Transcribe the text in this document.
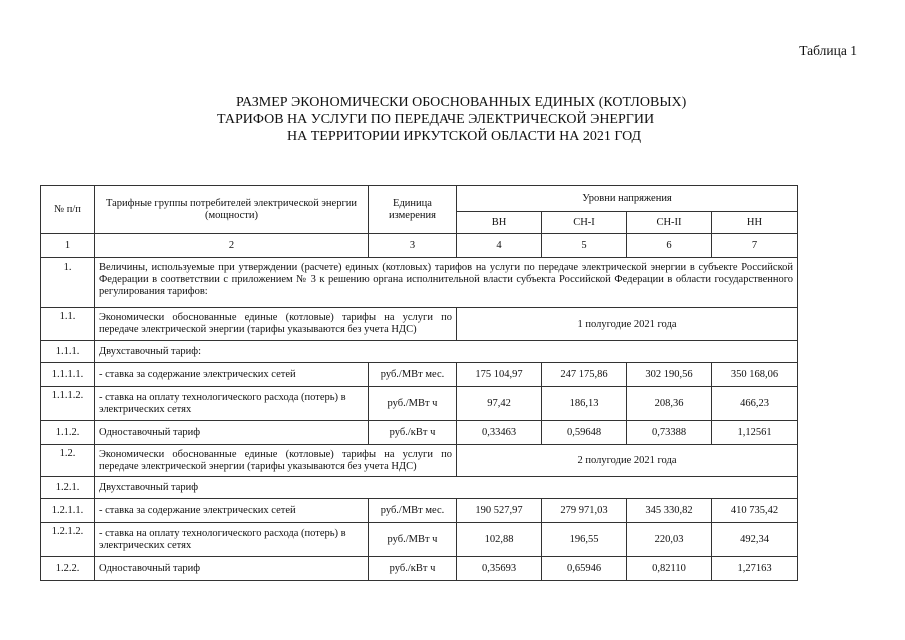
Таблица 1
РАЗМЕР ЭКОНОМИЧЕСКИ ОБОСНОВАННЫХ ЕДИНЫХ (КОТЛОВЫХ)
ТАРИФОВ НА УСЛУГИ ПО ПЕРЕДАЧЕ ЭЛЕКТРИЧЕСКОЙ ЭНЕРГИИ
НА ТЕРРИТОРИИ ИРКУТСКОЙ ОБЛАСТИ НА 2021 ГОД
№ п/п	Тарифные группы потребителей электрической энергии (мощности)	Единица измерения	Уровни напряжения			
			ВН	СН-I	СН-II	НН
1	2	3	4	5	6	7
1.	Величины, используемые при утверждении (расчете) единых (котловых) тарифов на услуги по передаче электрической энергии в субъекте Российской Федерации в соответствии с приложением № 3 к решению органа исполнительной власти субъекта Российской Федерации в области государственного регулирования тарифов:					
1.1.	Экономически обоснованные единые (котловые) тарифы на услуги по передаче электрической энергии (тарифы указываются без учета НДС)		1 полугодие 2021 года			
1.1.1.	Двухставочный тариф:					
1.1.1.1.	- ставка за содержание электрических сетей	руб./МВт мес.	175 104,97	247 175,86	302 190,56	350 168,06
1.1.1.2.	- ставка на оплату технологического расхода (потерь) в электрических сетях	руб./МВт ч	97,42	186,13	208,36	466,23
1.1.2.	Одноставочный тариф	руб./кВт ч	0,33463	0,59648	0,73388	1,12561
1.2.	Экономически обоснованные единые (котловые) тарифы на услуги по передаче электрической энергии (тарифы указываются без учета НДС)		2 полугодие 2021 года			
1.2.1.	Двухставочный тариф					
1.2.1.1.	- ставка за содержание электрических сетей	руб./МВт мес.	190 527,97	279 971,03	345 330,82	410 735,42
1.2.1.2.	- ставка на оплату технологического расхода (потерь) в электрических сетях	руб./МВт ч	102,88	196,55	220,03	492,34
1.2.2.	Одноставочный тариф	руб./кВт ч	0,35693	0,65946	0,82110	1,27163
